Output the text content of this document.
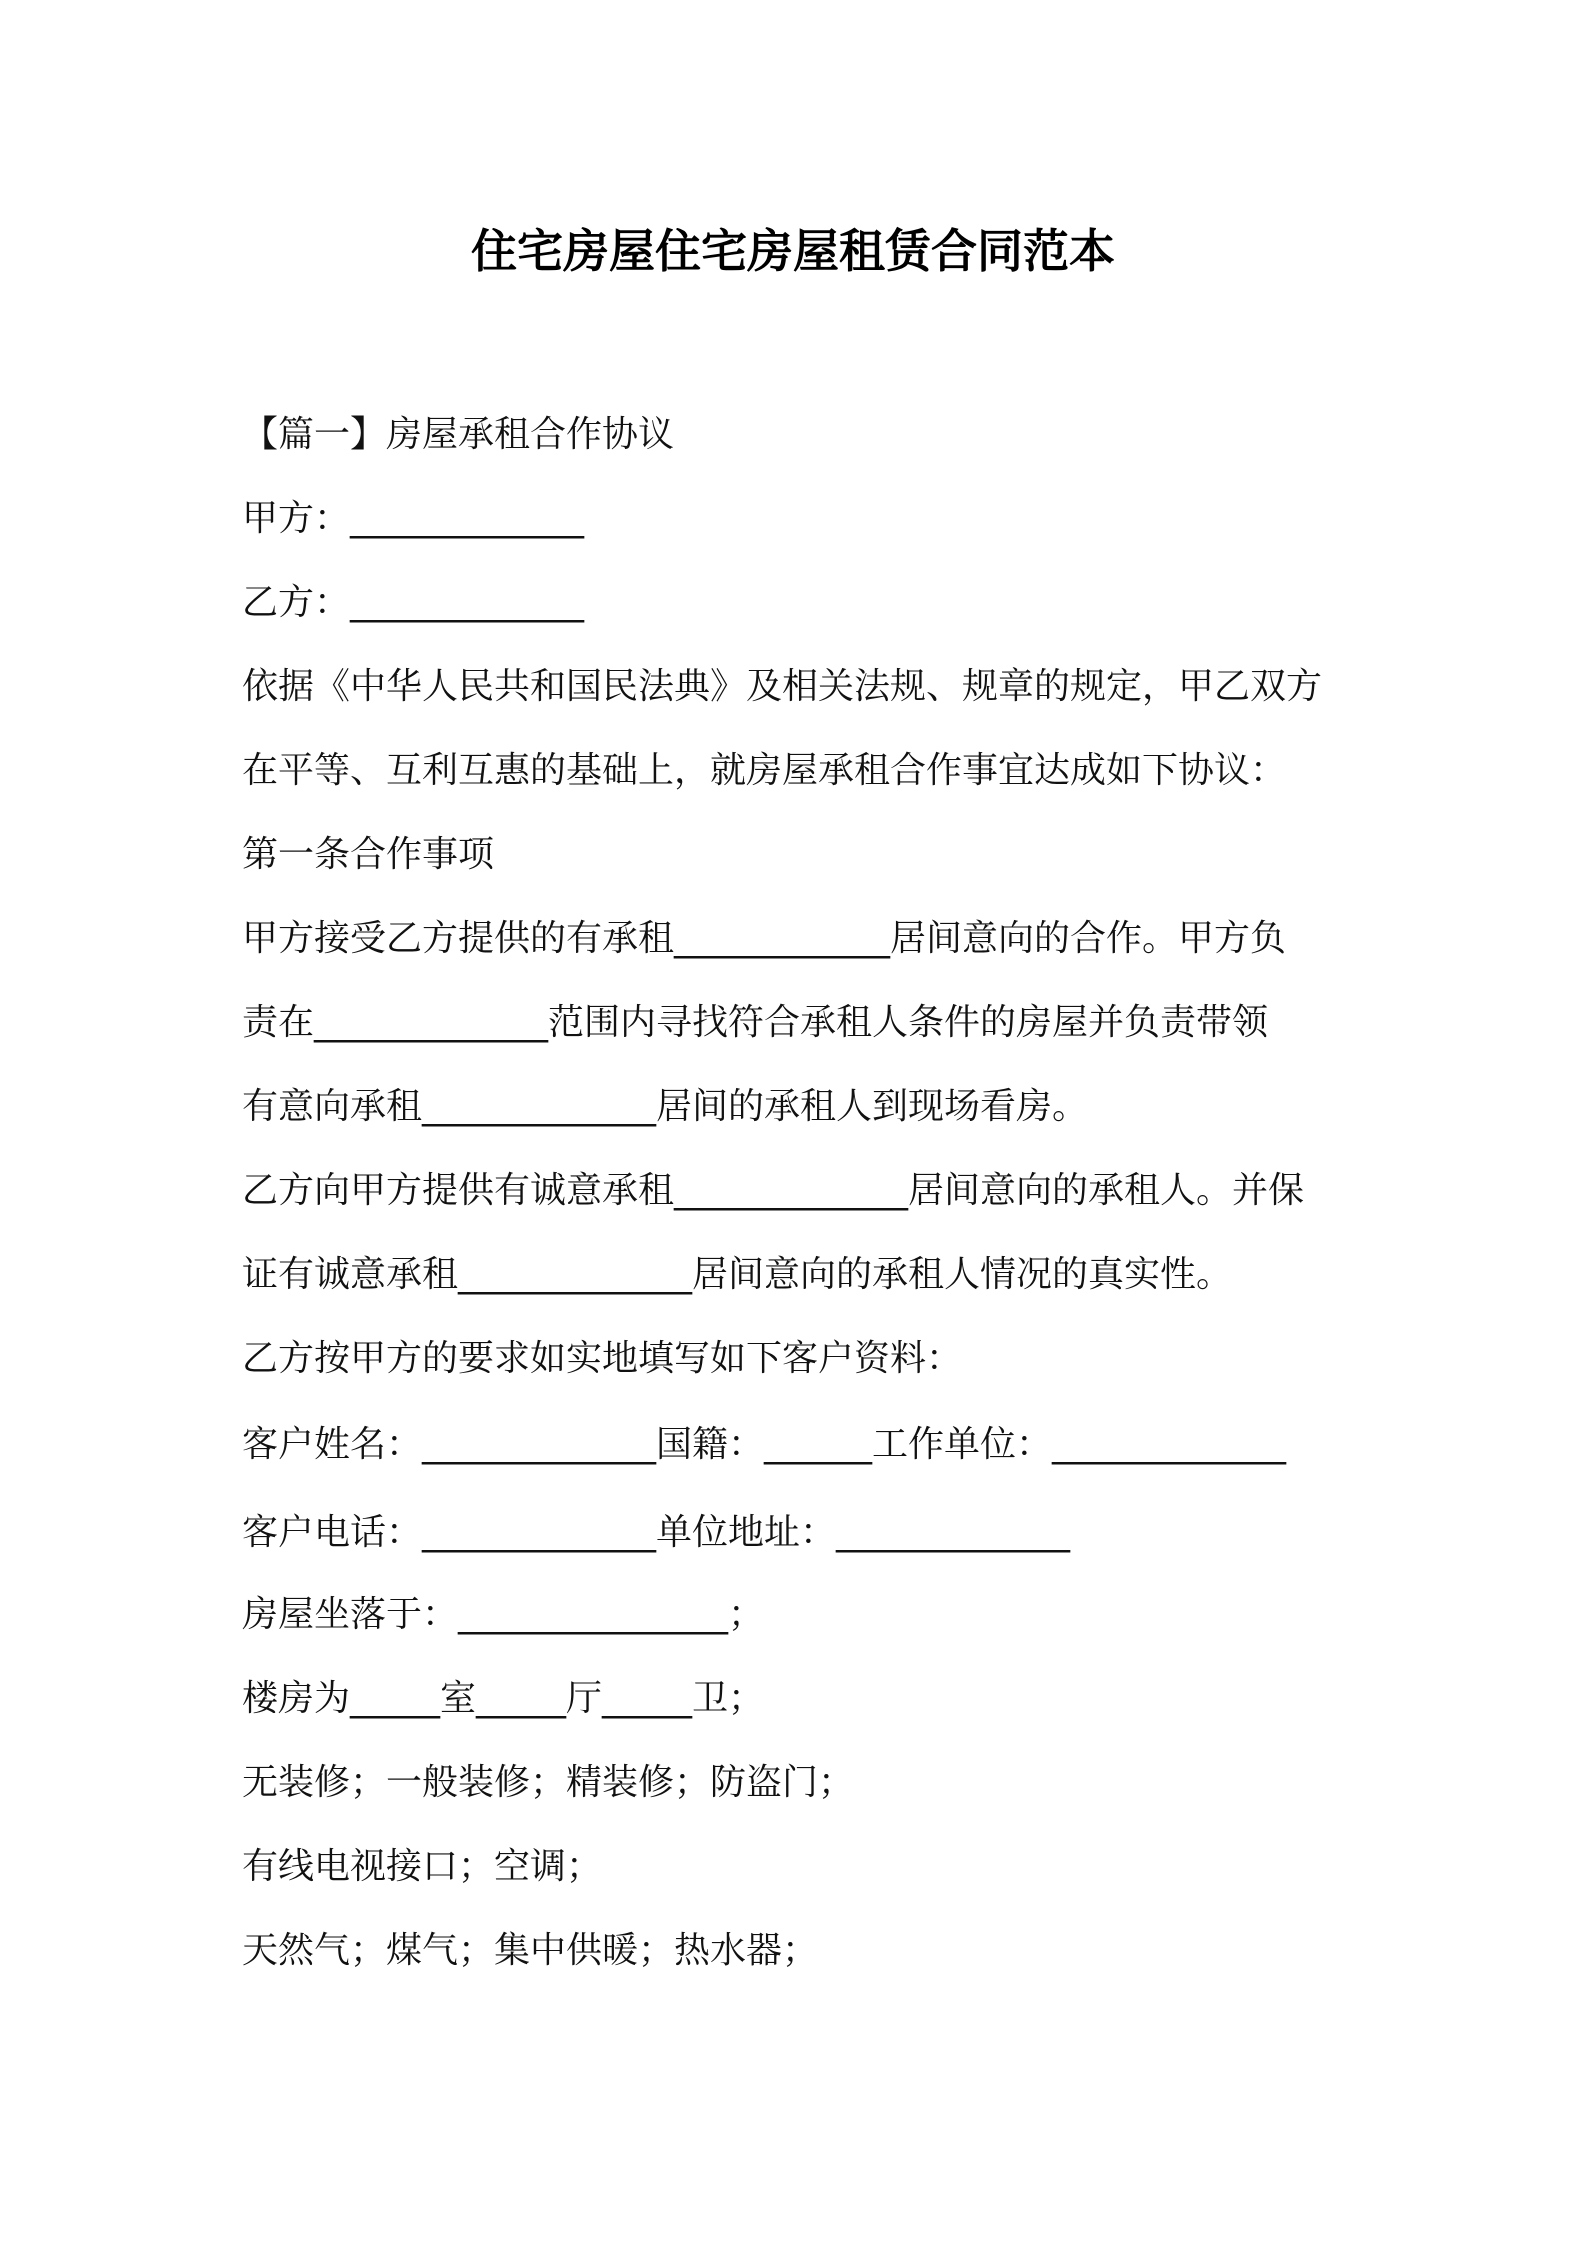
住宅房屋住宅房屋租赁合同范本
【篇一】房屋承租合作协议
甲方：_____________
乙方：_____________
依据《中华人民共和国民法典》及相关法规、规章的规定，甲乙双方
在平等、互利互惠的基础上，就房屋承租合作事宜达成如下协议：
第一条合作事项
甲方接受乙方提供的有承租____________居间意向的合作。甲方负
责在_____________范围内寻找符合承租人条件的房屋并负责带领
有意向承租_____________居间的承租人到现场看房。
乙方向甲方提供有诚意承租_____________居间意向的承租人。并保
证有诚意承租_____________居间意向的承租人情况的真实性。
乙方按甲方的要求如实地填写如下客户资料：
客户姓名：_____________国籍：______工作单位：_____________
客户电话：_____________单位地址：_____________
房屋坐落于：_______________；
楼房为_____室_____厅_____卫；
无装修；一般装修；精装修；防盗门；
有线电视接口；空调；
天然气；煤气；集中供暖；热水器；
